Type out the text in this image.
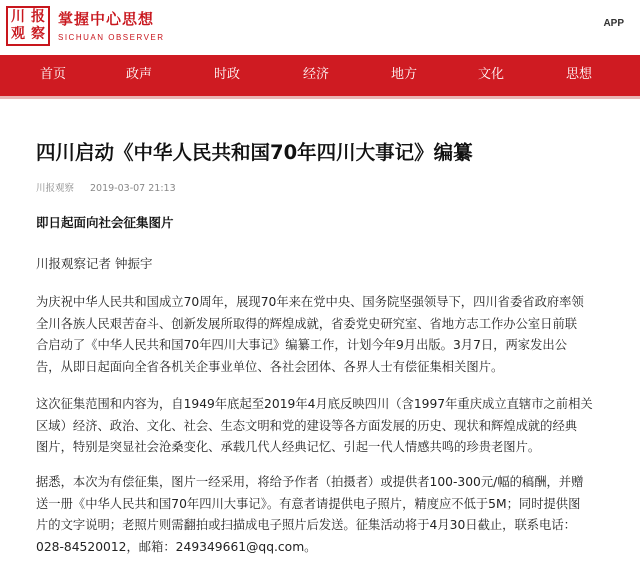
川 报
观 察
掌握中心思想
SICHUAN OBSERVER
APP
首页	政声	时政	经济	地方	文化	思想
四川启动《中华人民共和国70年四川大事记》编纂
川报观察 2019-03-07 21:13
即日起面向社会征集图片
川报观察记者 钟振宇
为庆祝中华人民共和国成立70周年，展现70年来在党中央、国务院坚强领导下，四川省委省政府率领
全川各族人民艰苦奋斗、创新发展所取得的辉煌成就，省委党史研究室、省地方志工作办公室日前联
合启动了《中华人民共和国70年四川大事记》编纂工作，计划今年9月出版。3月7日，两家发出公
告，从即日起面向全省各机关企事业单位、各社会团体、各界人士有偿征集相关图片。
这次征集范围和内容为，自1949年底起至2019年4月底反映四川（含1997年重庆成立直辖市之前相关
区域）经济、政治、文化、社会、生态文明和党的建设等各方面发展的历史、现状和辉煌成就的经典
图片，特别是突显社会沧桑变化、承载几代人经典记忆、引起一代人情感共鸣的珍贵老图片。
据悉，本次为有偿征集，图片一经采用，将给予作者（拍摄者）或提供者100-300元/幅的稿酬，并赠
送一册《中华人民共和国70年四川大事记》。有意者请提供电子照片，精度应不低于5M；同时提供图
片的文字说明；老照片则需翻拍或扫描成电子照片后发送。征集活动将于4月30日截止，联系电话：
028-84520012，邮箱：249349661@qq.com。
